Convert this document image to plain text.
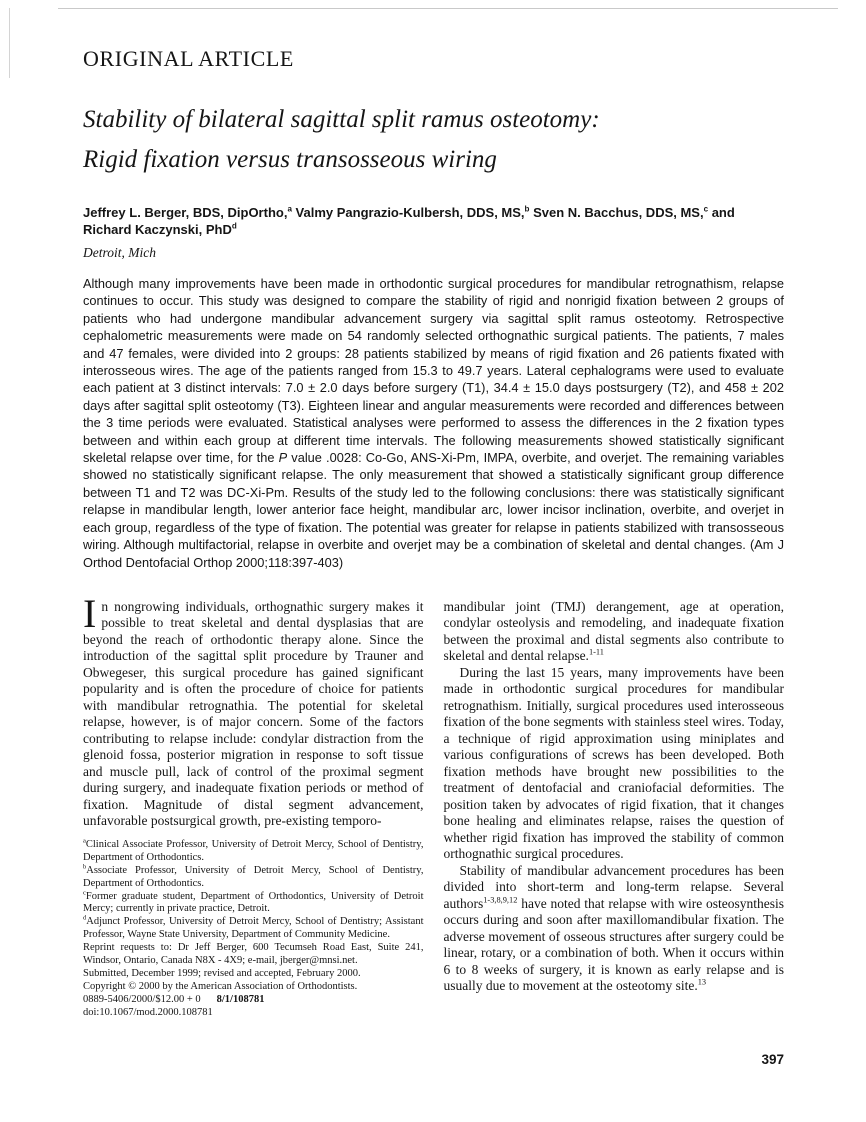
ORIGINAL ARTICLE
Stability of bilateral sagittal split ramus osteotomy:
Rigid fixation versus transosseous wiring
Jeffrey L. Berger, BDS, DipOrtho,$^a$ Valmy Pangrazio-Kulbersh, DDS, MS,$^b$ Sven N. Bacchus, DDS, MS,$^c$ and Richard Kaczynski, PhD$^d$
Detroit, Mich

Although many improvements have been made in orthodontic surgical procedures for mandibular retrognathism, relapse continues to occur. This study was designed to compare the stability of rigid and nonrigid fixation between 2 groups of patients who had undergone mandibular advancement surgery via sagittal split ramus osteotomy. Retrospective cephalometric measurements were made on 54 randomly selected orthognathic surgical patients. The patients, 7 males and 47 females, were divided into 2 groups: 28 patients stabilized by means of rigid fixation and 26 patients fixated with interosseous wires. The age of the patients ranged from 15.3 to 49.7 years. Lateral cephalograms were used to evaluate each patient at 3 distinct intervals: 7.0 ± 2.0 days before surgery (T1), 34.4 ± 15.0 days postsurgery (T2), and 458 ± 202 days after sagittal split osteotomy (T3). Eighteen linear and angular measurements were recorded and differences between the 3 time periods were evaluated. Statistical analyses were performed to assess the differences in the 2 fixation types between and within each group at different time intervals. The following measurements showed statistically significant skeletal relapse over time, for the P value .0028: Co-Go, ANS-Xi-Pm, IMPA, overbite, and overjet. The remaining variables showed no statistically significant relapse. The only measurement that showed a statistically significant group difference between T1 and T2 was DC-Xi-Pm. Results of the study led to the following conclusions: there was statistically significant relapse in mandibular length, lower anterior face height, mandibular arc, lower incisor inclination, overbite, and overjet in each group, regardless of the type of fixation. The potential was greater for relapse in patients stabilized with transosseous wiring. Although multifactorial, relapse in overbite and overjet may be a combination of skeletal and dental changes. (Am J Orthod Dentofacial Orthop 2000;118:397-403)

In nongrowing individuals, orthognathic surgery makes it possible to treat skeletal and dental dysplasias that are beyond the reach of orthodontic therapy alone. Since the introduction of the sagittal split procedure by Trauner and Obwegeser, this surgical procedure has gained significant popularity and is often the procedure of choice for patients with mandibular retrognathia. The potential for skeletal relapse, however, is of major concern. Some of the factors contributing to relapse include: condylar distraction from the glenoid fossa, posterior migration in response to soft tissue and muscle pull, lack of control of the proximal segment during surgery, and inadequate fixation periods or method of fixation. Magnitude of distal segment advancement, unfavorable postsurgical growth, pre-existing temporo-

$^a$Clinical Associate Professor, University of Detroit Mercy, School of Dentistry, Department of Orthodontics.

$^b$Associate Professor, University of Detroit Mercy, School of Dentistry, Department of Orthodontics.

$^c$Former graduate student, Department of Orthodontics, University of Detroit Mercy; currently in private practice, Detroit.

$^d$Adjunct Professor, University of Detroit Mercy, School of Dentistry; Assistant Professor, Wayne State University, Department of Community Medicine.

Reprint requests to: Dr Jeff Berger, 600 Tecumseh Road East, Suite 241, Windsor, Ontario, Canada N8X - 4X9; e-mail, jberger@mnsi.net.

Submitted, December 1999; revised and accepted, February 2000.

Copyright © 2000 by the American Association of Orthodontists.

0889-5406/2000/$12.00 + 0 8/1/108781

doi:10.1067/mod.2000.108781

mandibular joint (TMJ) derangement, age at operation, condylar osteolysis and remodeling, and inadequate fixation between the proximal and distal segments also contribute to skeletal and dental relapse.$^{1-11}$

During the last 15 years, many improvements have been made in orthodontic surgical procedures for mandibular retrognathism. Initially, surgical procedures used interosseous fixation of the bone segments with stainless steel wires. Today, a technique of rigid approximation using miniplates and various configurations of screws has been developed. Both fixation methods have brought new possibilities to the treatment of dentofacial and craniofacial deformities. The position taken by advocates of rigid fixation, that it changes bone healing and eliminates relapse, raises the question of whether rigid fixation has improved the stability of common orthognathic surgical procedures.

Stability of mandibular advancement procedures has been divided into short-term and long-term relapse. Several authors$^{1-3,8,9,12}$ have noted that relapse with wire osteosynthesis occurs during and soon after maxillomandibular fixation. The adverse movement of osseous structures after surgery could be linear, rotary, or a combination of both. When it occurs within 6 to 8 weeks of surgery, it is known as early relapse and is usually due to movement at the osteotomy site.$^{13}$

397
